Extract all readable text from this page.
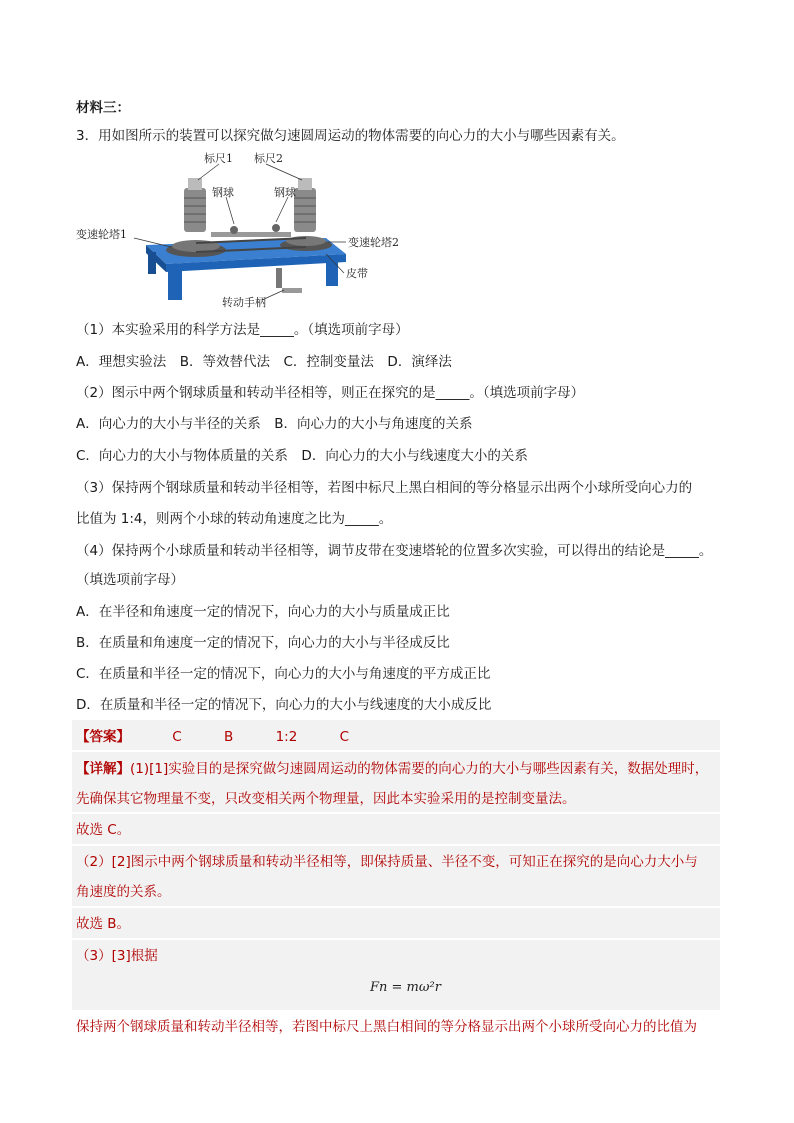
材料三：
3．用如图所示的装置可以探究做匀速圆周运动的物体需要的向心力的大小与哪些因素有关。
标尺1 标尺2
钢球	钢球
变速轮塔1
变速轮塔2
皮带
转动手柄
（1）本实验采用的科学方法是_____。（填选项前字母）
A．理想实验法　B．等效替代法　C．控制变量法　D．演绎法
（2）图示中两个钢球质量和转动半径相等，则正在探究的是_____。（填选项前字母）
A．向心力的大小与半径的关系　B．向心力的大小与角速度的关系
C．向心力的大小与物体质量的关系　D．向心力的大小与线速度大小的关系
（3）保持两个钢球质量和转动半径相等，若图中标尺上黑白相间的等分格显示出两个小球所受向心力的
比值为 1:4，则两个小球的转动角速度之比为_____。
（4）保持两个小球质量和转动半径相等，调节皮带在变速塔轮的位置多次实验，可以得出的结论是_____。
（填选项前字母）
A．在半径和角速度一定的情况下，向心力的大小与质量成正比
B．在质量和角速度一定的情况下，向心力的大小与半径成反比
C．在质量和半径一定的情况下，向心力的大小与角速度的平方成正比
D．在质量和半径一定的情况下，向心力的大小与线速度的大小成反比
【答案】	C	B	1:2	C
【详解】(1)[1]实验目的是探究做匀速圆周运动的物体需要的向心力的大小与哪些因素有关，数据处理时，
先确保其它物理量不变，只改变相关两个物理量，因此本实验采用的是控制变量法。
故选 C。
（2）[2]图示中两个钢球质量和转动半径相等，即保持质量、半径不变，可知正在探究的是向心力大小与
角速度的关系。
故选 B。
（3）[3]根据
Fn = mω²r
保持两个钢球质量和转动半径相等，若图中标尺上黑白相间的等分格显示出两个小球所受向心力的比值为
